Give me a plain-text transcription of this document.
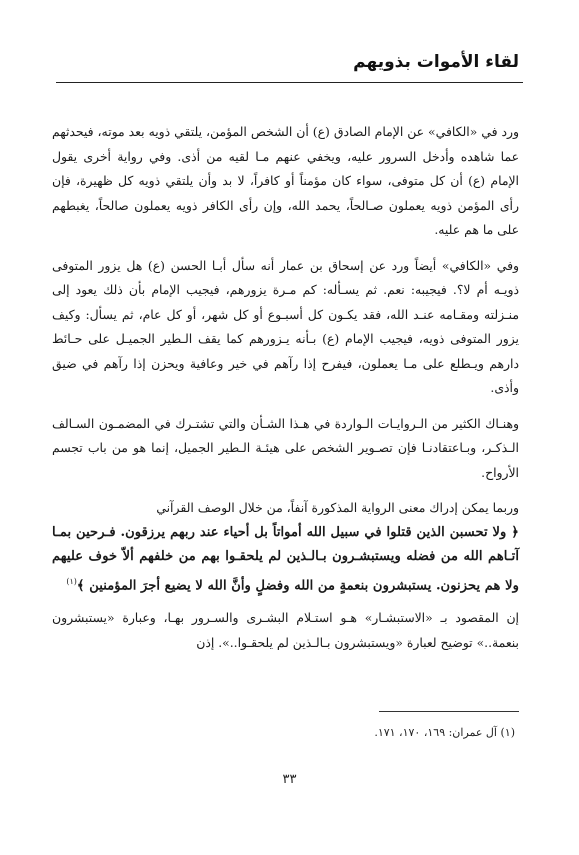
لقاء الأموات بذويهم

ورد في «الكافي» عن الإمام الصادق (ع) أن الشخص المؤمن، يلتقي ذويه بعد موته، فيحدثهم عما شاهده وأدخل السرور عليه، ويخفي عنهم مـا لقيه من أذى. وفي رواية أخرى يقول الإمام (ع) أن كل متوفى، سواء كان مؤمناً أو كافراً، لا بد وأن يلتقي ذويه كل ظهيرة، فإن رأى المؤمن ذويه يعملون صـالحاً، يحمد الله، وإن رأى الكافر ذويه يعملون صالحاً، يغبطهم على ما هم عليه.

وفي «الكافي» أيضاً ورد عن إسحاق بن عمار أنه سأل أبـا الحسن (ع) هل يزور المتوفى ذويـه أم لا؟. فيجيبه: نعم. ثم يسـأله: كم مـرة يزورهم، فيجيب الإمام بأن ذلك يعود إلى منـزلته ومقـامه عنـد الله، فقد يكـون كل أسبـوع أو كل شهر، أو كل عام، ثم يسأل: وكيف يزور المتوفى ذويه، فيجيب الإمام (ع) بـأنه يـزورهم كما يقف الـطير الجميـل على حـائط دارهم ويـطلع على مـا يعملون، فيفرح إذا رآهم في خير وعافية ويحزن إذا رآهم في ضيق وأذى.

وهنـاك الكثير من الـروايـات الـواردة في هـذا الشـأن والتي تشتـرك في المضمـون السـالف الـذكـر، وبـاعتقادنـا فإن تصـوير الشخص على هيئـة الـطير الجميل، إنما هو من باب تجسم الأرواح.

وربما يمكن إدراك معنى الرواية المذكورة آنفاً، من خلال الوصف القرآني

﴿ ولا تحسبن الذين قتلوا في سبيل الله أمواتاً بل أحياء عند ربهم يرزقون. فـرحين بمـا آتـاهم الله من فضله ويستبشـرون بـالـذين لم يلحقـوا بهم من خلفهم ألاّ خوف عليهم ولا هم يحزنون. يستبشرون بنعمةٍ من الله وفضلٍ وأنَّ الله لا يضيع أجرَ المؤمنين ﴾$^{(١)}$

إن المقصود بـ «الاستبشـار» هـو استـلام البشـرى والسـرور بهـا، وعبارة «يستبشرون بنعمة..» توضيح لعبارة «ويستبشرون بـالـذين لم يلحقـوا..». إذن

(١) آل عمران: ١٦٩، ١٧٠، ١٧١.
٣٣
